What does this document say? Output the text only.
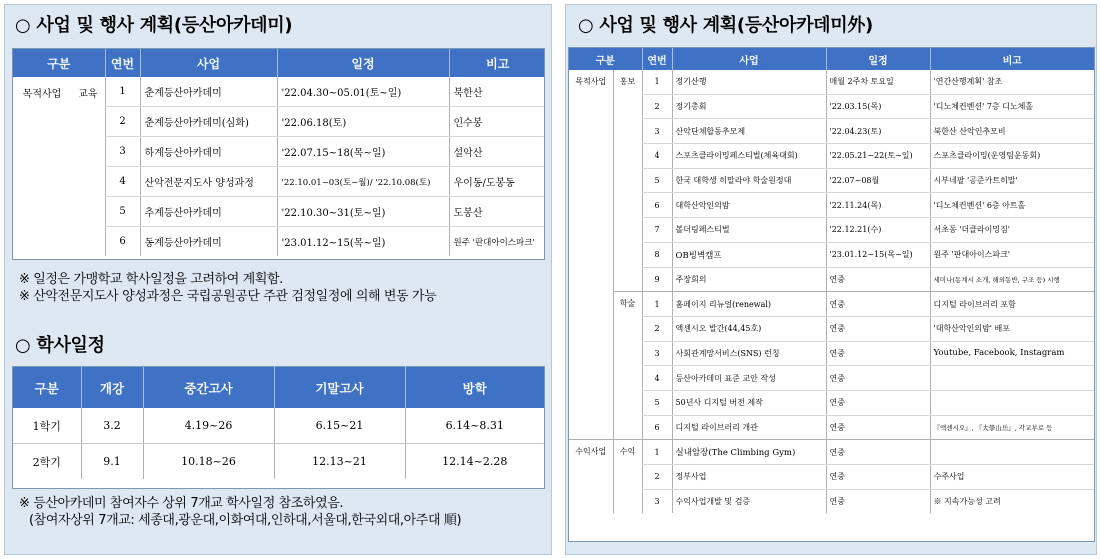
○ 사업 및 행사 계획(등산아카데미)
구분		연번	사업	일정	비고
목적사업	교육	1	춘계등산아카데미	'22.04.30~05.01(토~일)	북한산
		2	춘계등산아카데미(심화)	'22.06.18(토)	인수봉
		3	하계등산아카데미	'22.07.15~18(목~일)	설악산
		4	산악전문지도사 양성과정	'22.10.01~03(토~월)/ '22.10.08(토)	우이동/도봉동
		5	추계등산아카데미	'22.10.30~31(토~일)	도봉산
		6	동계등산아카데미	'23.01.12~15(목~일)	원주 '판대아이스파크'
※ 일정은 가맹학교 학사일정을 고려하여 계획함.
※ 산악전문지도사 양성과정은 국립공원공단 주관 검정일정에 의해 변동 가능
○ 학사일정
구분	개강	중간고사	기말고사	방학
1학기	3.2	4.19~26	6.15~21	6.14~8.31
2학기	9.1	10.18~26	12.13~21	12.14~2.28
※ 등산아카데미 참여자수 상위 7개교 학사일정 참조하였음.
(참여자상위 7개교: 세종대,광운대,이화여대,인하대,서울대,한국외대,아주대 順)
○ 사업 및 행사 계획(등산아카데미外)
구분		연번	사업	일정	비고
목적사업	홍보	1	정기산행	매월 2주차 토요일	'연간산행계획' 참조
		2	정기총회	'22.03.15(목)	'디노체컨벤션' 7층 디노체홀
		3	산악단체합동추모제	'22.04.23(토)	북한산 산악인추모비
		4	스포츠클라이밍페스티벌(체육대회)	'22.05.21~22(토~일)	스포츠클라이밍(운영팀운동회)
		5	한국 대학생 히말라야 학술원정대	'22.07~08월	시부네팔 '공준카트히말'
		6	대학산악인의밤	'22.11.24(목)	'디노체컨벤션' 6층 아트홀
		7	볼더링페스티벌	'22.12.21(수)	서초동 '더클라이밍짐'
		8	OB빙벽캠프	'23.01.12~15(목~일)	원주 '판대아이스파크'
		9	주장회의	연중	세미나(동계시 소개, 해외동반, 구조 등) 시행
	학술	1	홈페이지 리뉴얼(renewal)	연중	디지털 라이브러리 포함
		2	액센시오 발간(44,45호)	연중	'대학산악인의밤' 배포
		3	사회관계망서비스(SNS) 런칭	연중	Youtube, Facebook, Instagram
		4	등산아카데미 표준 교안 작성	연중	
		5	50년사 디지털 버전 제작	연중	
		6	디지털 라이브러리 개관	연중	『액센시오』, 『大學山岳』, 각교부로 등
수익사업	수익	1	실내암장(The Climbing Gym)	연중	
		2	정부사업	연중	수주사업
		3	수익사업개발 및 검증	연중	※ 지속가능성 고려
